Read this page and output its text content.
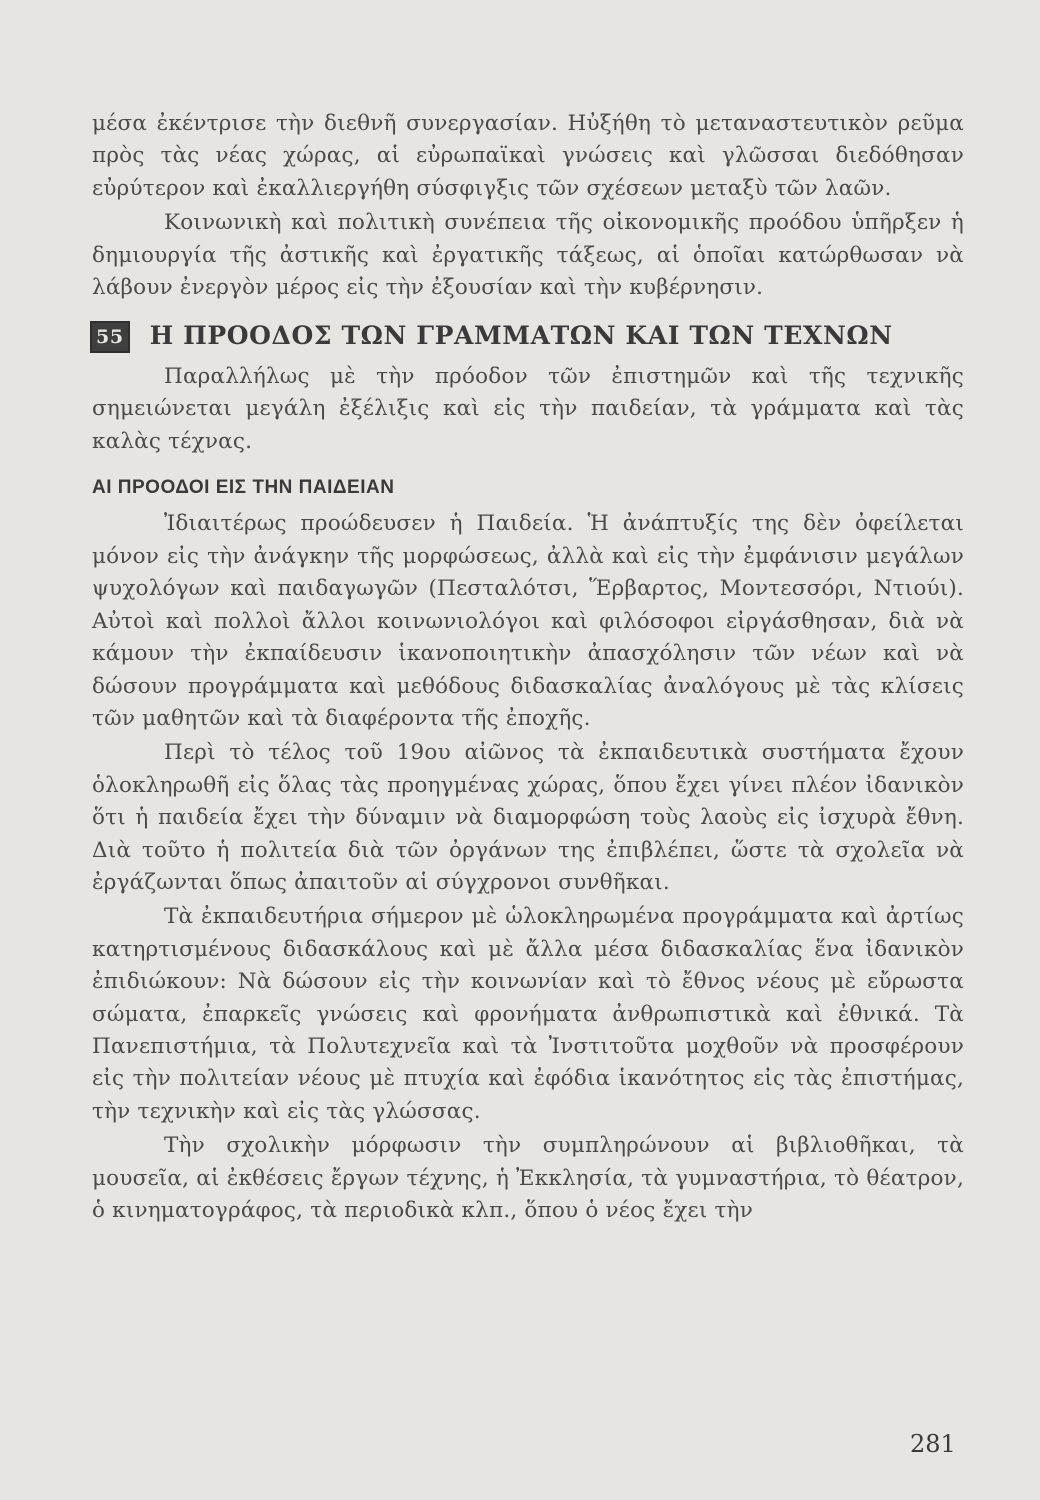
μέσα ἐκέντρισε τὴν διεθνῆ συνεργασίαν. Ηὐξήθη τὸ μεταναστευτικὸν ρεῦμα πρὸς τὰς νέας χώρας, αἱ εὐρωπαϊκαὶ γνώσεις καὶ γλῶσσαι διεδόθησαν εὐρύτερον καὶ ἐκαλλιεργήθη σύσφιγξις τῶν σχέσεων μεταξὺ τῶν λαῶν.

Κοινωνικὴ καὶ πολιτικὴ συνέπεια τῆς οἰκονομικῆς προόδου ὑπῆρξεν ἡ δημιουργία τῆς ἀστικῆς καὶ ἐργατικῆς τάξεως, αἱ ὁποῖαι κατώρθωσαν νὰ λάβουν ἐνεργὸν μέρος εἰς τὴν ἐξουσίαν καὶ τὴν κυβέρνησιν.

55 Η ΠΡΟΟΔΟΣ ΤΩΝ ΓΡΑΜΜΑΤΩΝ ΚΑΙ ΤΩΝ ΤΕΧΝΩΝ

Παραλλήλως μὲ τὴν πρόοδον τῶν ἐπιστημῶν καὶ τῆς τεχνικῆς σημειώνεται μεγάλη ἐξέλιξις καὶ εἰς τὴν παιδείαν, τὰ γράμματα καὶ τὰς καλὰς τέχνας.

ΑΙ ΠΡΟΟΔΟΙ ΕΙΣ ΤΗΝ ΠΑΙΔΕΙΑΝ

Ἰδιαιτέρως προώδευσεν ἡ Παιδεία. Ἡ ἀνάπτυξίς της δὲν ὀφείλεται μόνον εἰς τὴν ἀνάγκην τῆς μορφώσεως, ἀλλὰ καὶ εἰς τὴν ἐμφάνισιν μεγάλων ψυχολόγων καὶ παιδαγωγῶν (Πεσταλότσι, Ἕρβαρτος, Μοντεσσόρι, Ντιούι). Αὐτοὶ καὶ πολλοὶ ἄλλοι κοινωνιολόγοι καὶ φιλόσοφοι εἰργάσθησαν, διὰ νὰ κάμουν τὴν ἐκπαίδευσιν ἱκανοποιητικὴν ἀπασχόλησιν τῶν νέων καὶ νὰ δώσουν προγράμματα καὶ μεθόδους διδασκαλίας ἀναλόγους μὲ τὰς κλίσεις τῶν μαθητῶν καὶ τὰ διαφέροντα τῆς ἐποχῆς.

Περὶ τὸ τέλος τοῦ 19ου αἰῶνος τὰ ἐκπαιδευτικὰ συστήματα ἔχουν ὁλοκληρωθῆ εἰς ὅλας τὰς προηγμένας χώρας, ὅπου ἔχει γίνει πλέον ἰδανικὸν ὅτι ἡ παιδεία ἔχει τὴν δύναμιν νὰ διαμορφώση τοὺς λαοὺς εἰς ἰσχυρὰ ἔθνη. Διὰ τοῦτο ἡ πολιτεία διὰ τῶν ὀργάνων της ἐπιβλέπει, ὥστε τὰ σχολεῖα νὰ ἐργάζωνται ὅπως ἀπαιτοῦν αἱ σύγχρονοι συνθῆκαι.

Τὰ ἐκπαιδευτήρια σήμερον μὲ ὡλοκληρωμένα προγράμματα καὶ ἀρτίως κατηρτισμένους διδασκάλους καὶ μὲ ἄλλα μέσα διδασκαλίας ἕνα ἰδανικὸν ἐπιδιώκουν: Νὰ δώσουν εἰς τὴν κοινωνίαν καὶ τὸ ἔθνος νέους μὲ εὔρωστα σώματα, ἐπαρκεῖς γνώσεις καὶ φρονήματα ἀνθρωπιστικὰ καὶ ἐθνικά. Τὰ Πανεπιστήμια, τὰ Πολυτεχνεῖα καὶ τὰ Ἰνστιτοῦτα μοχθοῦν νὰ προσφέρουν εἰς τὴν πολιτείαν νέους μὲ πτυχία καὶ ἐφόδια ἱκανότητος εἰς τὰς ἐπιστήμας, τὴν τεχνικὴν καὶ εἰς τὰς γλώσσας.

Τὴν σχολικὴν μόρφωσιν τὴν συμπληρώνουν αἱ βιβλιοθῆκαι, τὰ μουσεῖα, αἱ ἐκθέσεις ἔργων τέχνης, ἡ Ἐκκλησία, τὰ γυμναστήρια, τὸ θέατρον, ὁ κινηματογράφος, τὰ περιοδικὰ κλπ., ὅπου ὁ νέος ἔχει τὴν

281
